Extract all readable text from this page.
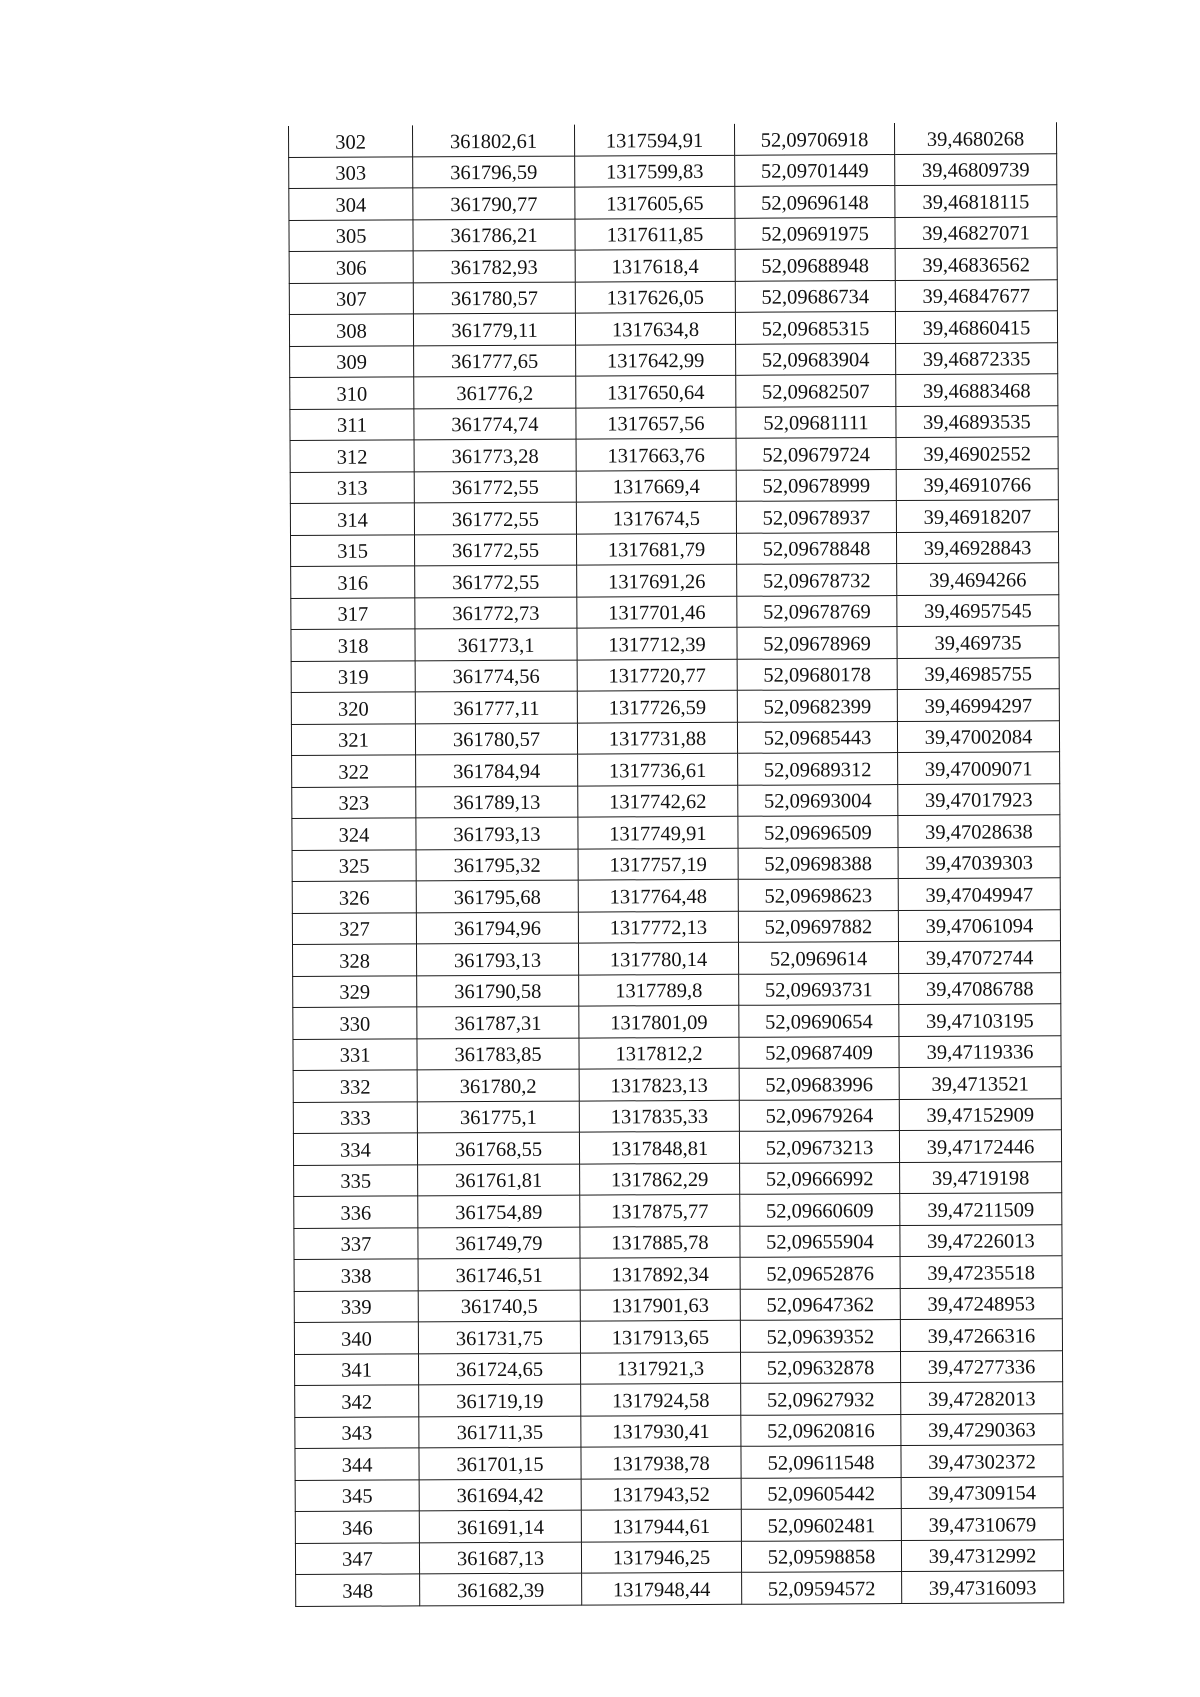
302	361802,61	1317594,91	52,09706918	39,4680268
303	361796,59	1317599,83	52,09701449	39,46809739
304	361790,77	1317605,65	52,09696148	39,46818115
305	361786,21	1317611,85	52,09691975	39,46827071
306	361782,93	1317618,4	52,09688948	39,46836562
307	361780,57	1317626,05	52,09686734	39,46847677
308	361779,11	1317634,8	52,09685315	39,46860415
309	361777,65	1317642,99	52,09683904	39,46872335
310	361776,2	1317650,64	52,09682507	39,46883468
311	361774,74	1317657,56	52,09681111	39,46893535
312	361773,28	1317663,76	52,09679724	39,46902552
313	361772,55	1317669,4	52,09678999	39,46910766
314	361772,55	1317674,5	52,09678937	39,46918207
315	361772,55	1317681,79	52,09678848	39,46928843
316	361772,55	1317691,26	52,09678732	39,4694266
317	361772,73	1317701,46	52,09678769	39,46957545
318	361773,1	1317712,39	52,09678969	39,469735
319	361774,56	1317720,77	52,09680178	39,46985755
320	361777,11	1317726,59	52,09682399	39,46994297
321	361780,57	1317731,88	52,09685443	39,47002084
322	361784,94	1317736,61	52,09689312	39,47009071
323	361789,13	1317742,62	52,09693004	39,47017923
324	361793,13	1317749,91	52,09696509	39,47028638
325	361795,32	1317757,19	52,09698388	39,47039303
326	361795,68	1317764,48	52,09698623	39,47049947
327	361794,96	1317772,13	52,09697882	39,47061094
328	361793,13	1317780,14	52,0969614	39,47072744
329	361790,58	1317789,8	52,09693731	39,47086788
330	361787,31	1317801,09	52,09690654	39,47103195
331	361783,85	1317812,2	52,09687409	39,47119336
332	361780,2	1317823,13	52,09683996	39,4713521
333	361775,1	1317835,33	52,09679264	39,47152909
334	361768,55	1317848,81	52,09673213	39,47172446
335	361761,81	1317862,29	52,09666992	39,4719198
336	361754,89	1317875,77	52,09660609	39,47211509
337	361749,79	1317885,78	52,09655904	39,47226013
338	361746,51	1317892,34	52,09652876	39,47235518
339	361740,5	1317901,63	52,09647362	39,47248953
340	361731,75	1317913,65	52,09639352	39,47266316
341	361724,65	1317921,3	52,09632878	39,47277336
342	361719,19	1317924,58	52,09627932	39,47282013
343	361711,35	1317930,41	52,09620816	39,47290363
344	361701,15	1317938,78	52,09611548	39,47302372
345	361694,42	1317943,52	52,09605442	39,47309154
346	361691,14	1317944,61	52,09602481	39,47310679
347	361687,13	1317946,25	52,09598858	39,47312992
348	361682,39	1317948,44	52,09594572	39,47316093
